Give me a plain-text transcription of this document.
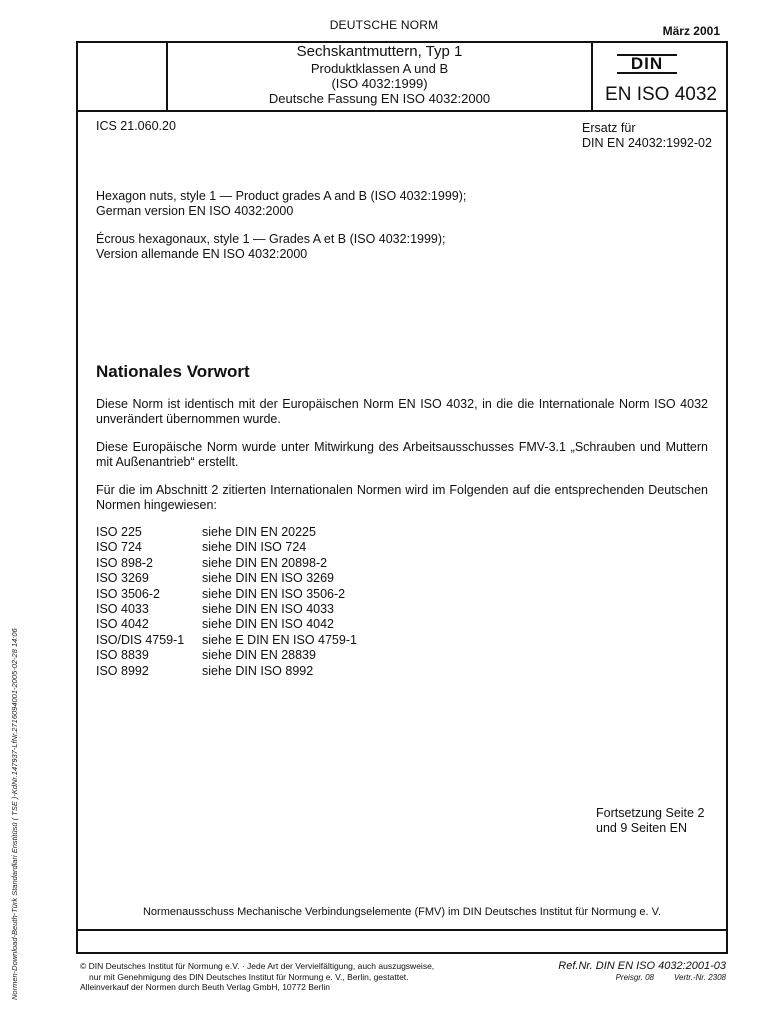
DEUTSCHE NORM	März 2001
Sechskantmuttern, Typ 1
Produktklassen A und B
(ISO 4032:1999)
Deutsche Fassung EN ISO 4032:2000
DIN
EN ISO 4032
ICS 21.060.20	Ersatz für
DIN EN 24032:1992-02
Hexagon nuts, style 1 — Product grades A and B (ISO 4032:1999);
German version EN ISO 4032:2000
Écrous hexagonaux, style 1 — Grades A et B (ISO 4032:1999);
Version allemande EN ISO 4032:2000
Nationales Vorwort
Diese Norm ist identisch mit der Europäischen Norm EN ISO 4032, in die die Internationale Norm ISO 4032 unverändert übernommen wurde.
Diese Europäische Norm wurde unter Mitwirkung des Arbeitsausschusses FMV-3.1 „Schrauben und Muttern mit Außenantrieb“ erstellt.
Für die im Abschnitt 2 zitierten Internationalen Normen wird im Folgenden auf die entsprechenden Deutschen Normen hingewiesen:
ISO 225	siehe DIN EN 20225
ISO 724	siehe DIN ISO 724
ISO 898-2	siehe DIN EN 20898-2
ISO 3269	siehe DIN EN ISO 3269
ISO 3506-2	siehe DIN EN ISO 3506-2
ISO 4033	siehe DIN EN ISO 4033
ISO 4042	siehe DIN EN ISO 4042
ISO/DIS 4759-1	siehe E DIN EN ISO 4759-1
ISO 8839	siehe DIN EN 28839
ISO 8992	siehe DIN ISO 8992
Fortsetzung Seite 2
und 9 Seiten EN
Normenausschuss Mechanische Verbindungselemente (FMV) im DIN Deutsches Institut für Normung e. V.
© DIN Deutsches Institut für Normung e.V. · Jede Art der Vervielfältigung, auch auszugsweise,
nur mit Genehmigung des DIN Deutsches Institut für Normung e. V., Berlin, gestattet.
Alleinverkauf der Normen durch Beuth Verlag GmbH, 10772 Berlin
Ref.Nr. DIN EN ISO 4032:2001-03
Preisgr. 08	Vertr.-Nr. 2308
Normen-Download-Beuth-Türk Standardlari Enstitüsü ( TSE )-KdNr.147937-LfNr.2716094001-2005-02-28 14:06
